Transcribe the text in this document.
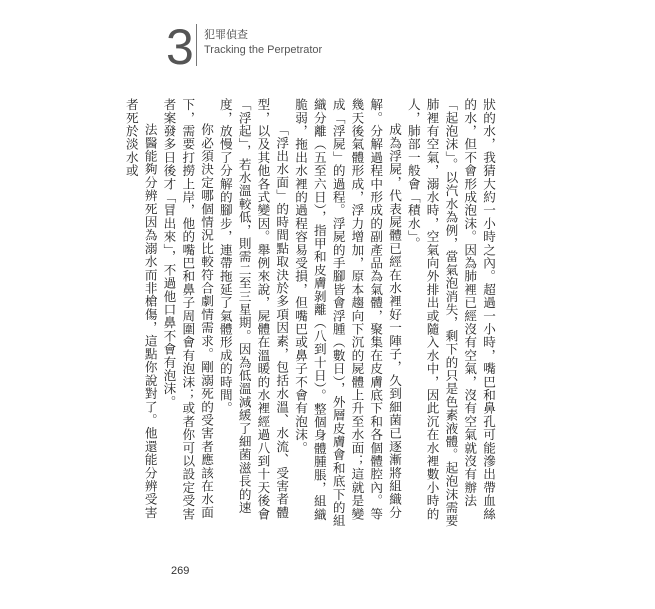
3 犯罪偵查
Tracking the Perpetrator

狀的水，我猜大約一小時之內。超過一小時，嘴巴和鼻孔可能滲出帶血絲的水，但不會形成泡沫。因為肺裡已經沒有空氣，沒有空氣就沒有辦法「起泡沫」。以汽水為例，當氣泡消失，剩下的只是色素液體。起泡沫需要肺裡有空氣，溺水時，空氣向外排出或隨入水中，因此沉在水裡數小時的人，肺部一般會「積水」。

成為浮屍，代表屍體已經在水裡好一陣子，久到細菌已逐漸將組織分解。分解過程中形成的副產品為氣體，聚集在皮膚底下和各個體腔內。等幾天後氣體形成，浮力增加，原本趨向下沉的屍體上升至水面；這就是變成「浮屍」的過程。浮屍的手腳皆會浮腫（數日），外層皮膚會和底下的組織分離（五至六日），指甲和皮膚剝離（八到十日）。整個身體腫脹，組織脆弱，拖出水裡的過程容易受損，但嘴巴或鼻子不會有泡沫。

「浮出水面」的時間點取決於多項因素，包括水溫、水流、受害者體型，以及其他各式變因。舉例來說，屍體在溫暖的水裡經過八到十天後會「浮起」，若水溫較低，則需二至三星期。因為低溫減緩了細菌滋長的速度，放慢了分解的腳步，連帶拖延了氣體形成的時間。

你必須決定哪個情況比較符合劇情需求。剛溺死的受害者應該在水面下，需要打撈上岸，他的嘴巴和鼻子周圍會有泡沫；或者你可以設定受害者案發多日後才「冒出來」，不過他口鼻不會有泡沫。

法醫能夠分辨死因為溺水而非槍傷，這點你說對了。他還能分辨受害者死於淡水或

269
